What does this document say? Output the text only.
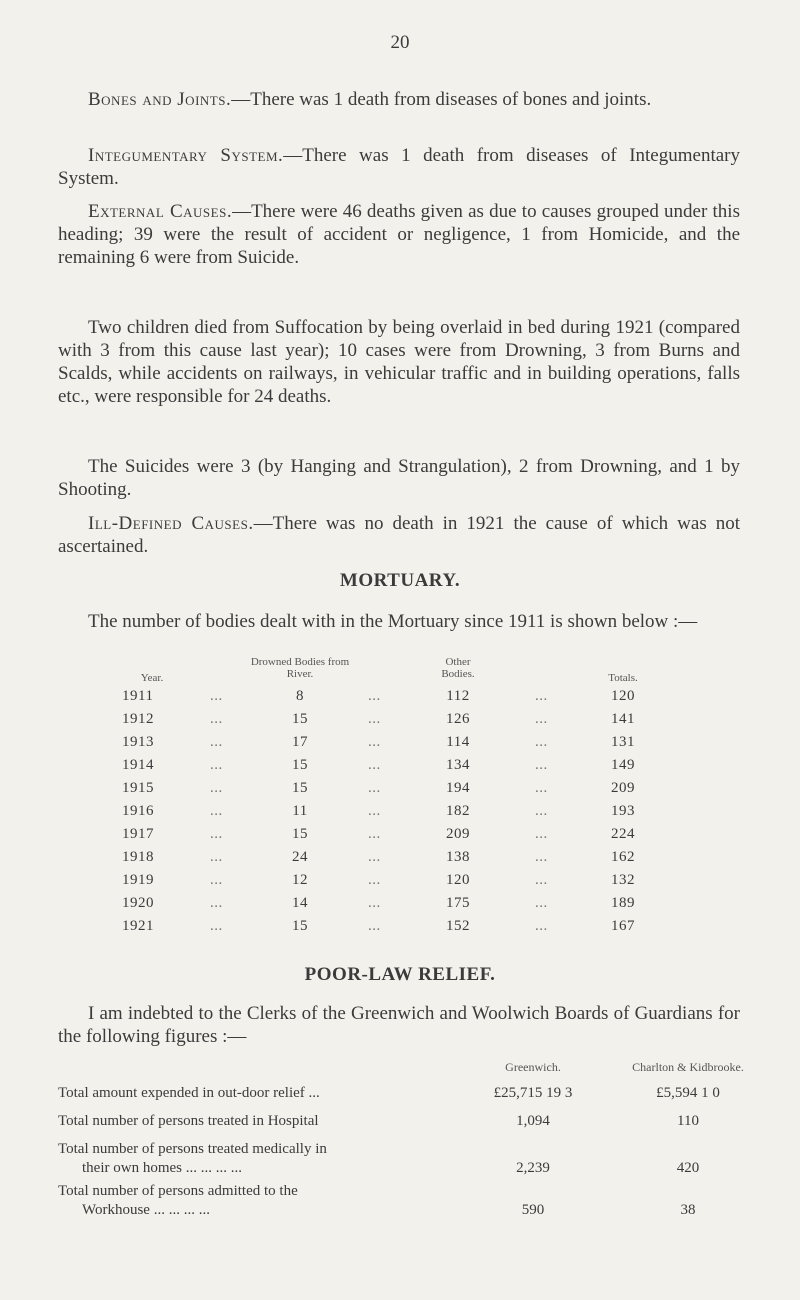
20

Bones and Joints.—There was 1 death from diseases of bones and joints.

Integumentary System.—There was 1 death from diseases of Integumentary System.

External Causes.—There were 46 deaths given as due to causes grouped under this heading; 39 were the result of accident or negligence, 1 from Homicide, and the remaining 6 were from Suicide.

Two children died from Suffocation by being overlaid in bed during 1921 (compared with 3 from this cause last year); 10 cases were from Drowning, 3 from Burns and Scalds, while accidents on railways, in vehicular traffic and in building operations, falls etc., were responsible for 24 deaths.

The Suicides were 3 (by Hanging and Strangulation), 2 from Drowning, and 1 by Shooting.

Ill-Defined Causes.—There was no death in 1921 the cause of which was not ascertained.

MORTUARY.

The number of bodies dealt with in the Mortuary since 1911 is shown below :—

Year.
Drowned Bodies from River.
Other Bodies.	Totals.
1911	...	8	...	112	...	120
1912	...	15	...	126	...	141
1913	...	17	...	114	...	131
1914	...	15	...	134	...	149
1915	...	15	...	194	...	209
1916	...	11	...	182	...	193
1917	...	15	...	209	...	224
1918	...	24	...	138	...	162
1919	...	12	...	120	...	132
1920	...	14	...	175	...	189
1921	...	15	...	152	...	167
POOR-LAW RELIEF.

I am indebted to the Clerks of the Greenwich and Woolwich Boards of Guardians for the following figures :—

Greenwich.	Charlton & Kidbrooke.
Total amount expended in out-door relief ...	£25,715 19 3	£5,594 1 0
Total number of persons treated in Hospital	1,094	110
Total number of persons treated medically in
their own homes ... ... ... ...	2,239	420
Total number of persons admitted to the
Workhouse ... ... ... ...	590	38
